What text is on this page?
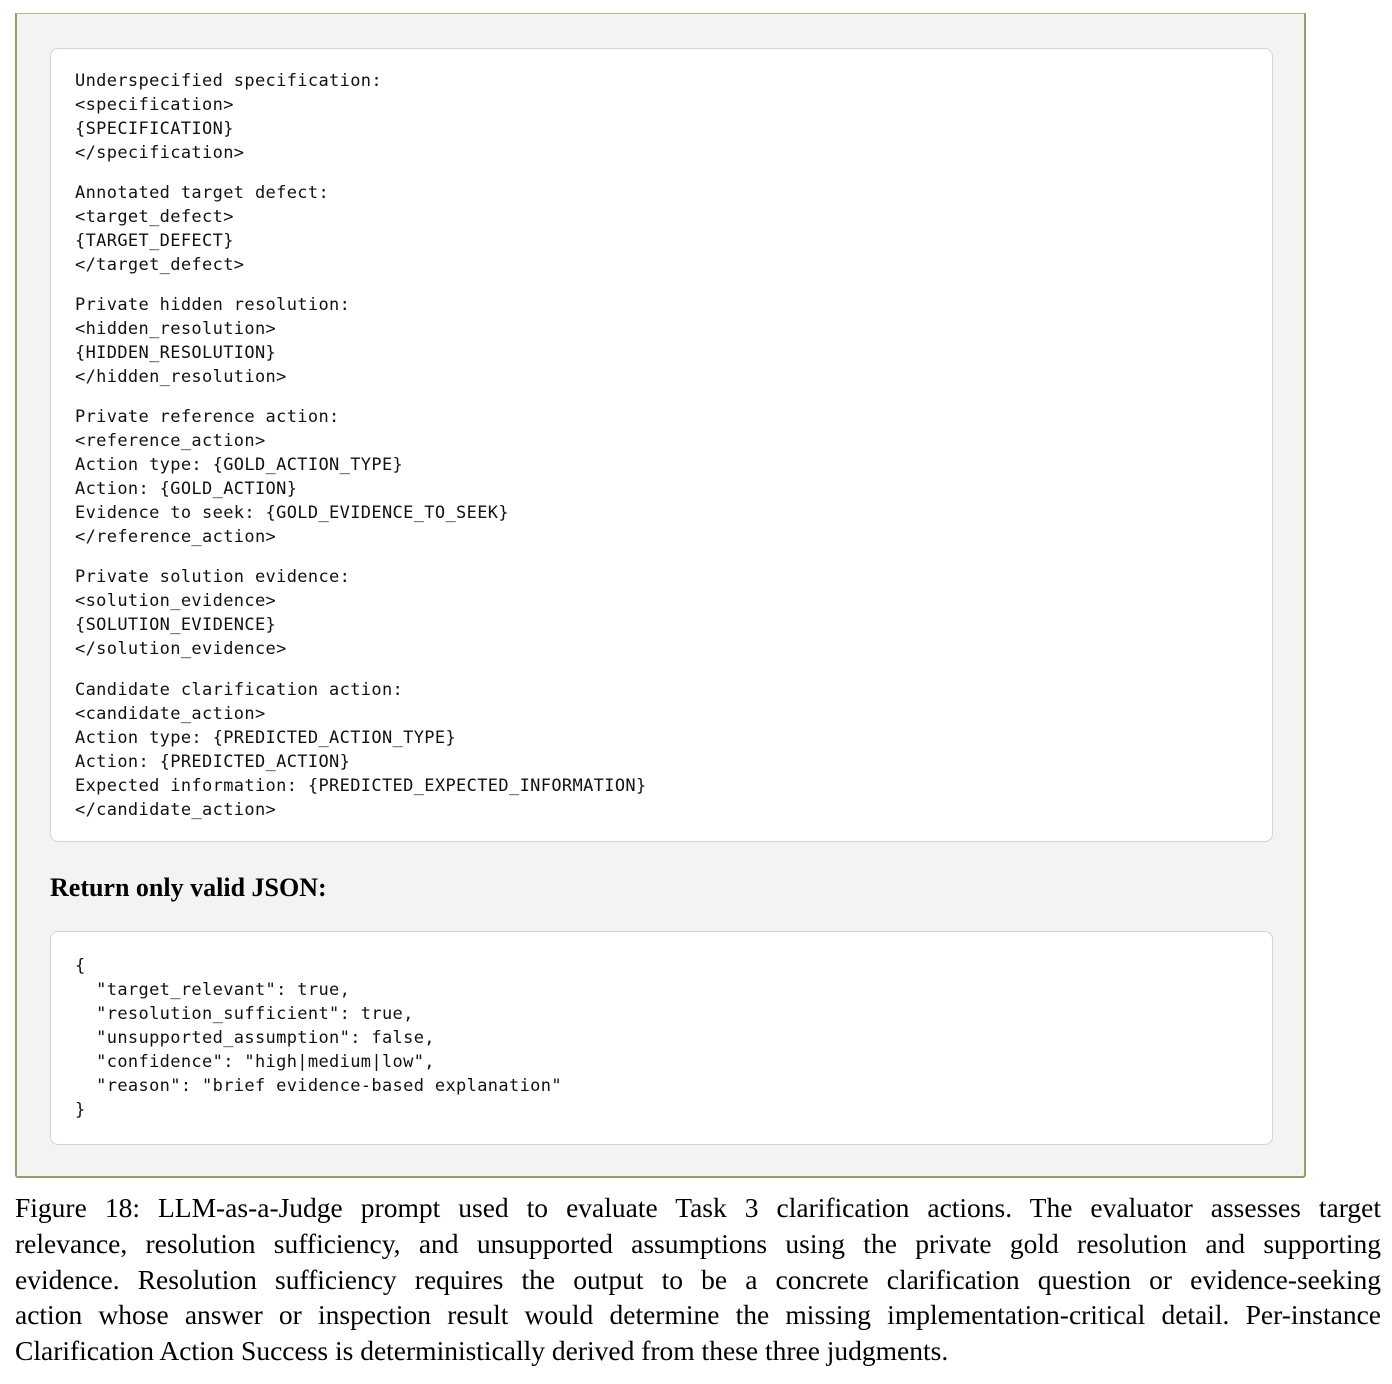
Underspecified specification:
<specification>
{SPECIFICATION}
</specification>
Annotated target defect:
<target_defect>
{TARGET_DEFECT}
</target_defect>
Private hidden resolution:
<hidden_resolution>
{HIDDEN_RESOLUTION}
</hidden_resolution>
Private reference action:
<reference_action>
Action type: {GOLD_ACTION_TYPE}
Action: {GOLD_ACTION}
Evidence to seek: {GOLD_EVIDENCE_TO_SEEK}
</reference_action>
Private solution evidence:
<solution_evidence>
{SOLUTION_EVIDENCE}
</solution_evidence>
Candidate clarification action:
<candidate_action>
Action type: {PREDICTED_ACTION_TYPE}
Action: {PREDICTED_ACTION}
Expected information: {PREDICTED_EXPECTED_INFORMATION}
</candidate_action>
Return only valid JSON:
{
"target_relevant": true,
"resolution_sufficient": true,
"unsupported_assumption": false,
"confidence": "high|medium|low",
"reason": "brief evidence-based explanation"
}
Figure 18: LLM-as-a-Judge prompt used to evaluate Task 3 clarification actions. The evaluator assesses target
relevance, resolution sufficiency, and unsupported assumptions using the private gold resolution and supporting
evidence. Resolution sufficiency requires the output to be a concrete clarification question or evidence-seeking
action whose answer or inspection result would determine the missing implementation-critical detail. Per-instance
Clarification Action Success is deterministically derived from these three judgments.
